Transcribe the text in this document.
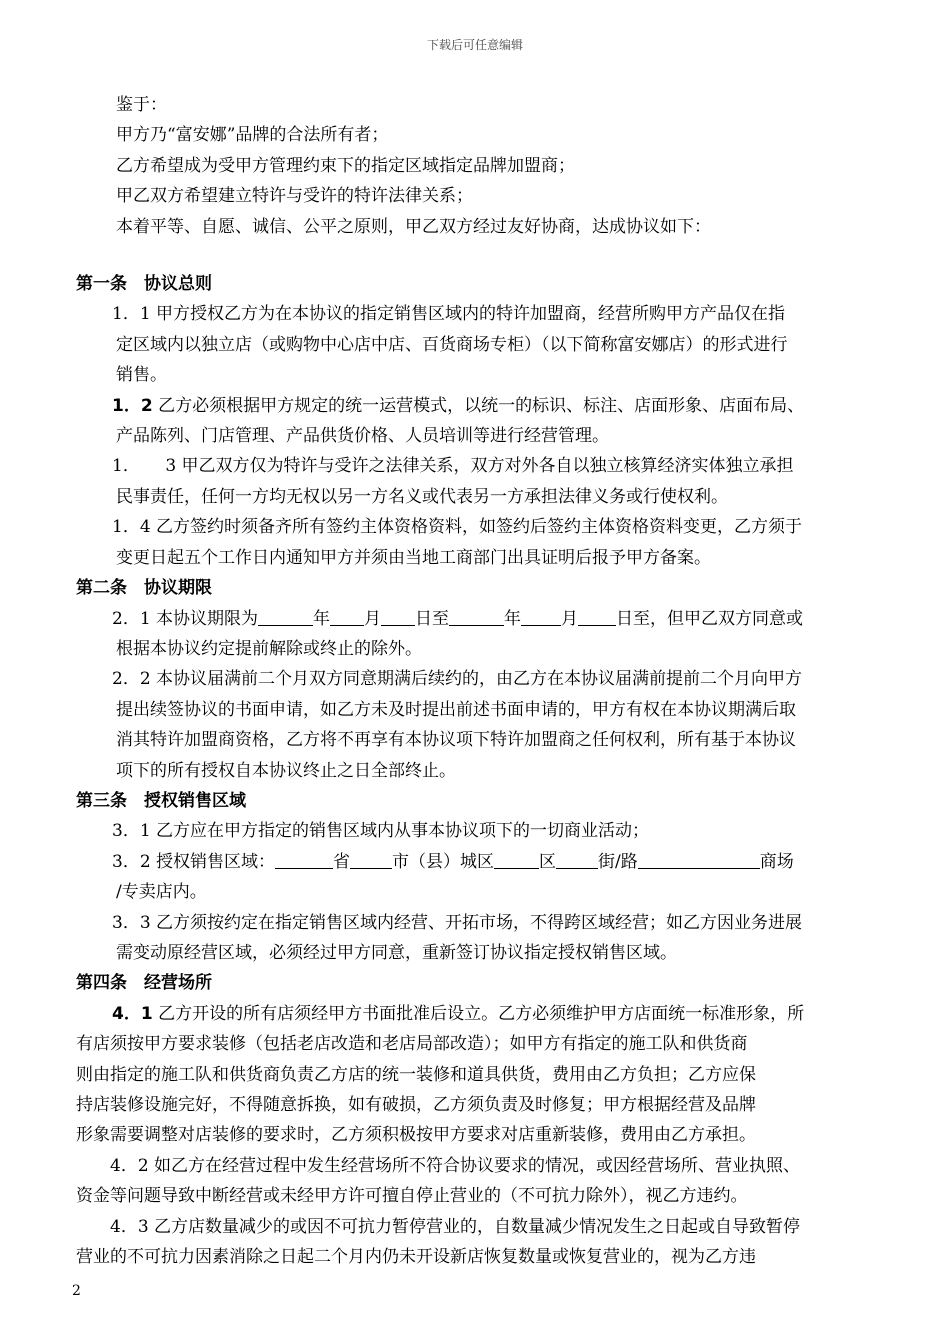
下载后可任意编辑
鉴于：
甲方乃“富安娜”品牌的合法所有者；
乙方希望成为受甲方管理约束下的指定区域指定品牌加盟商；
甲乙双方希望建立特许与受许的特许法律关系；
本着平等、自愿、诚信、公平之原则，甲乙双方经过友好协商，达成协议如下：
第一条　协议总则
1．1 甲方授权乙方为在本协议的指定销售区域内的特许加盟商，经营所购甲方产品仅在指
定区域内以独立店（或购物中心店中店、百货商场专柜）（以下简称富安娜店）的形式进行
销售。
1．2 乙方必须根据甲方规定的统一运营模式，以统一的标识、标注、店面形象、店面布局、
产品陈列、门店管理、产品供货价格、人员培训等进行经营管理。
1．　　3 甲乙双方仅为特许与受许之法律关系，双方对外各自以独立核算经济实体独立承担
民事责任，任何一方均无权以另一方名义或代表另一方承担法律义务或行使权利。
1．4 乙方签约时须备齐所有签约主体资格资料，如签约后签约主体资格资料变更，乙方须于
变更日起五个工作日内通知甲方并须由当地工商部门出具证明后报予甲方备案。
第二条　协议期限
2．1 本协议期限为	年 月 日至	年 月 日至，但甲乙双方同意或
根据本协议约定提前解除或终止的除外。
2．2 本协议届满前二个月双方同意期满后续约的，由乙方在本协议届满前提前二个月向甲方
提出续签协议的书面申请，如乙方未及时提出前述书面申请的，甲方有权在本协议期满后取
消其特许加盟商资格，乙方将不再享有本协议项下特许加盟商之任何权利，所有基于本协议
项下的所有授权自本协议终止之日全部终止。
第三条　授权销售区域
3．1 乙方应在甲方指定的销售区域内从事本协议项下的一切商业活动；
3．2 授权销售区域：	省 市（县）城区	区 街/路	商场
/专卖店内。
3．3 乙方须按约定在指定销售区域内经营、开拓市场，不得跨区域经营；如乙方因业务进展
需变动原经营区域，必须经过甲方同意，重新签订协议指定授权销售区域。
第四条　经营场所
4．1 乙方开设的所有店须经甲方书面批准后设立。乙方必须维护甲方店面统一标准形象，所
有店须按甲方要求装修（包括老店改造和老店局部改造）；如甲方有指定的施工队和供货商
则由指定的施工队和供货商负责乙方店的统一装修和道具供货，费用由乙方负担；乙方应保
持店装修设施完好，不得随意拆换，如有破损，乙方须负责及时修复；甲方根据经营及品牌
形象需要调整对店装修的要求时，乙方须积极按甲方要求对店重新装修，费用由乙方承担。
4．2 如乙方在经营过程中发生经营场所不符合协议要求的情况，或因经营场所、营业执照、
资金等问题导致中断经营或未经甲方许可擅自停止营业的（不可抗力除外），视乙方违约。
4．3 乙方店数量减少的或因不可抗力暂停营业的，自数量减少情况发生之日起或自导致暂停
营业的不可抗力因素消除之日起二个月内仍未开设新店恢复数量或恢复营业的，视为乙方违
2
